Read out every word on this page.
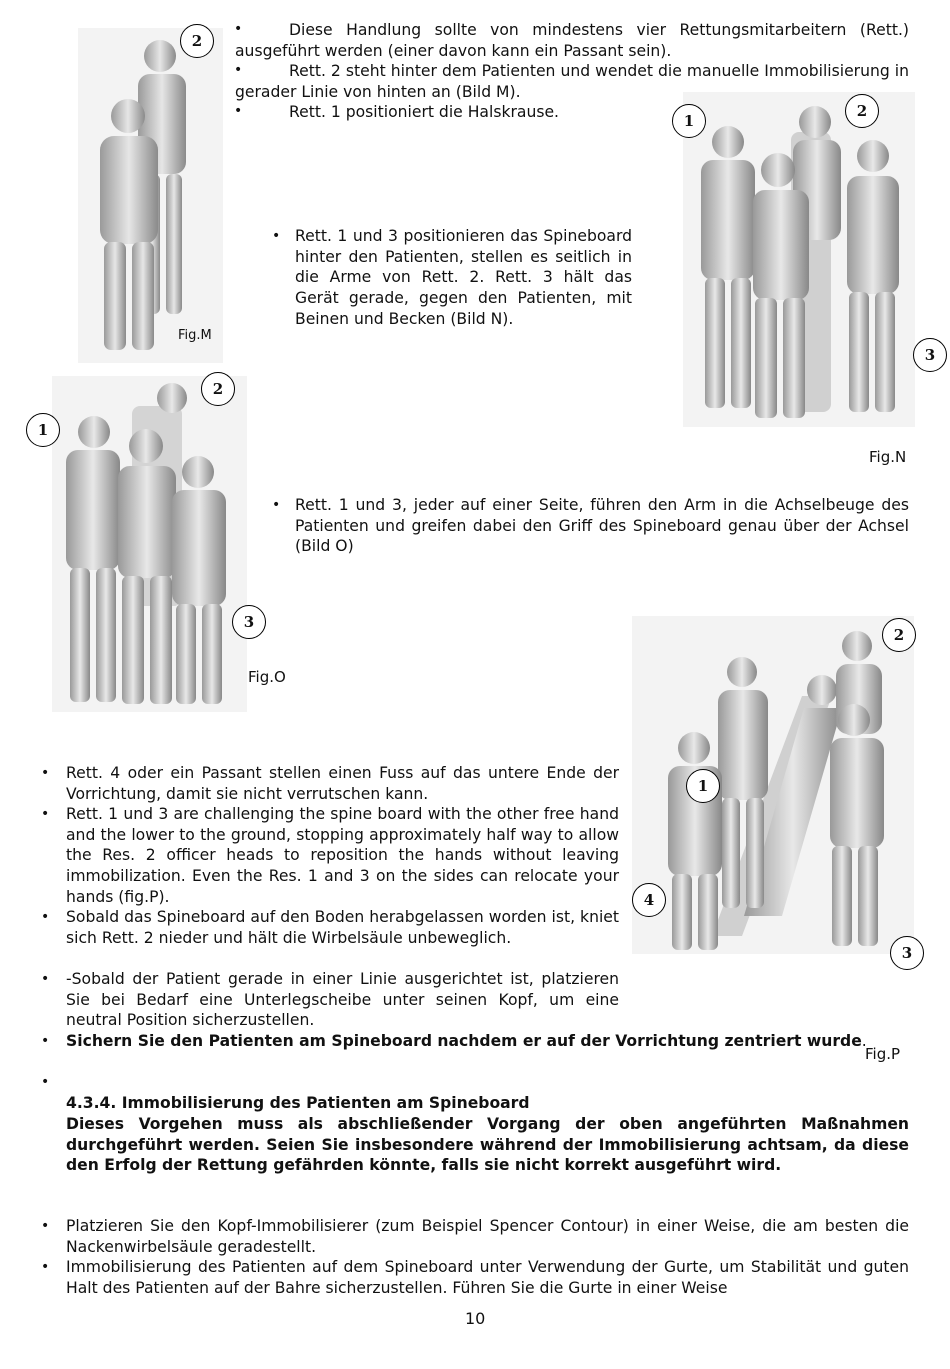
Fig.M
2
•	Diese Handlung sollte von mindestens vier Rettungsmitarbeitern (Rett.) ausgeführt werden (einer davon kann ein Passant sein).
•	Rett. 2 steht hinter dem Patienten und wendet die manuelle Immobilisierung in gerader Linie von hinten an (Bild M).
•	Rett. 1 positioniert die Halskrause.	1
2
3
Fig.N
• Rett. 1 und 3 positionieren das Spineboard hinter den Patienten, stellen es seitlich in die Arme von Rett. 2. Rett. 3 hält das Gerät gerade, gegen den Patienten, mit Beinen und Becken (Bild N).
1
2
3
Fig.O
• Rett. 1 und 3, jeder auf einer Seite, führen den Arm in die Achselbeuge des Patienten und greifen dabei den Griff des Spineboard genau über der Achsel (Bild O)
1
2
3
4
Fig.P
• Rett. 4 oder ein Passant stellen einen Fuss auf das untere Ende der Vorrichtung, damit sie nicht verrutschen kann.
• Rett. 1 und 3 are challenging the spine board with the other free hand and the lower to the ground, stopping approximately half way to allow the Res. 2 officer heads to reposition the hands without leaving immobilization. Even the Res. 1 and 3 on the sides can relocate your hands (fig.P).
• Sobald das Spineboard auf den Boden herabgelassen worden ist, kniet sich Rett. 2 nieder und hält die Wirbelsäule unbeweglich.
• -Sobald der Patient gerade in einer Linie ausgerichtet ist, platzieren Sie bei Bedarf eine Unterlegscheibe unter seinen Kopf, um eine neutral Position sicherzustellen.
• Sichern Sie den Patienten am Spineboard nachdem er auf der Vorrichtung zentriert wurde.
•
4.3.4. Immobilisierung des Patienten am Spineboard
Dieses Vorgehen muss als abschließender Vorgang der oben angeführten Maßnahmen durchgeführt werden. Seien Sie insbesondere während der Immobilisierung achtsam, da diese den Erfolg der Rettung gefährden könnte, falls sie nicht korrekt ausgeführt wird.
• Platzieren Sie den Kopf-Immobilisierer (zum Beispiel Spencer Contour) in einer Weise, die am besten die Nackenwirbelsäule geradestellt.
• Immobilisierung des Patienten auf dem Spineboard unter Verwendung der Gurte, um Stabilität und guten Halt des Patienten auf der Bahre sicherzustellen. Führen Sie die Gurte in einer Weise
10
